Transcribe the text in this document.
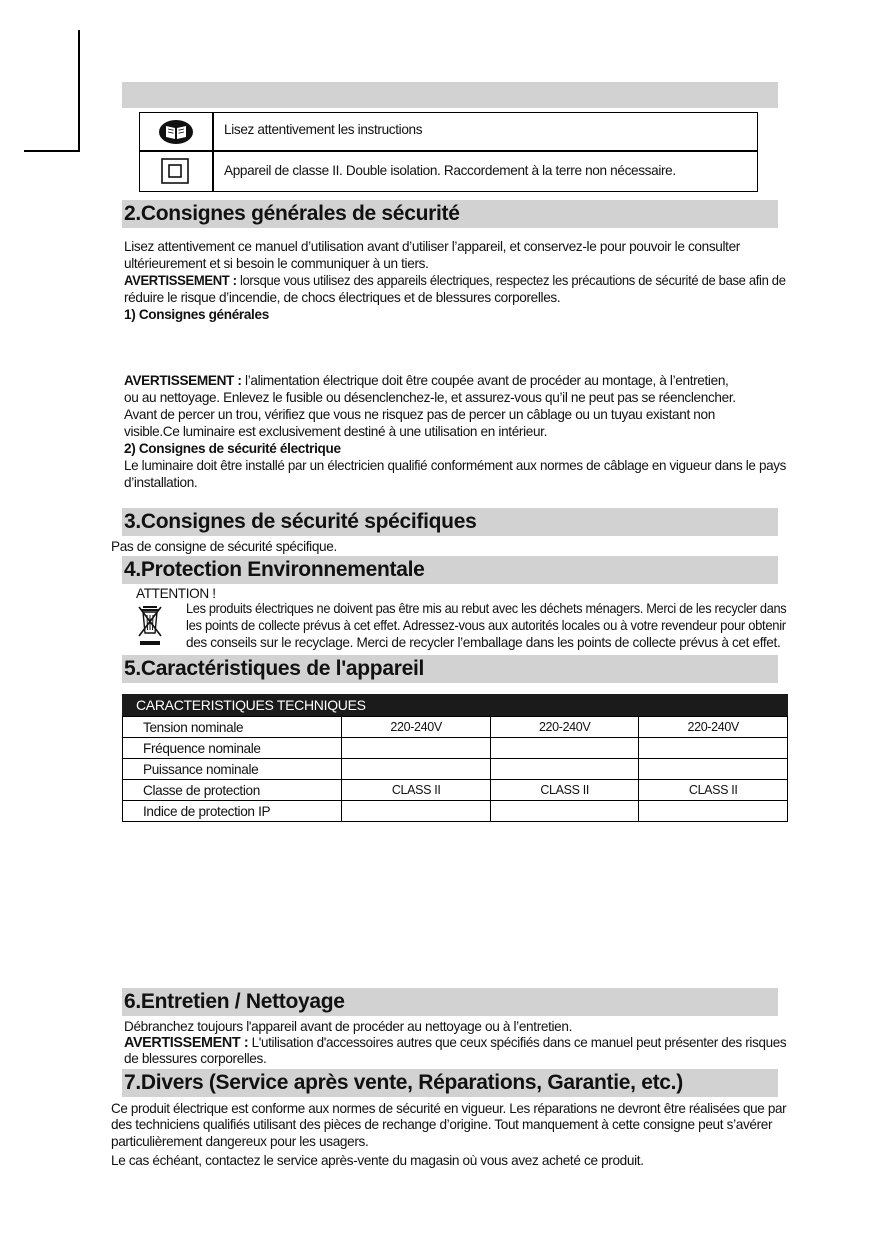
Lisez attentivement les instructions
Appareil de classe II. Double isolation. Raccordement à la terre non nécessaire.
2.Consignes générales de sécurité
Lisez attentivement ce manuel d’utilisation avant d’utiliser l’appareil, et conservez-le pour pouvoir le consulter
ultérieurement et si besoin le communiquer à un tiers.
AVERTISSEMENT : lorsque vous utilisez des appareils électriques, respectez les précautions de sécurité de base afin de
réduire le risque d’incendie, de chocs électriques et de blessures corporelles.
1) Consignes générales
AVERTISSEMENT : l’alimentation électrique doit être coupée avant de procéder au montage, à l’entretien,
ou au nettoyage. Enlevez le fusible ou désenclenchez-le, et assurez-vous qu’il ne peut pas se réenclencher.
Avant de percer un trou, vérifiez que vous ne risquez pas de percer un câblage ou un tuyau existant non
visible.Ce luminaire est exclusivement destiné à une utilisation en intérieur.
2) Consignes de sécurité électrique
Le luminaire doit être installé par un électricien qualifié conformément aux normes de câblage en vigueur dans le pays
d’installation.
3.Consignes de sécurité spécifiques
Pas de consigne de sécurité spécifique.
4.Protection Environnementale
ATTENTION !
Les produits électriques ne doivent pas être mis au rebut avec les déchets ménagers. Merci de les recycler dans
les points de collecte prévus à cet effet. Adressez-vous aux autorités locales ou à votre revendeur pour obtenir
des conseils sur le recyclage. Merci de recycler l’emballage dans les points de collecte prévus à cet effet.
5.Caractéristiques de l'appareil
CARACTERISTIQUES TECHNIQUES
Tension nominale	220-240V	220-240V	220-240V
Fréquence nominale			
Puissance nominale			
Classe de protection	CLASS II	CLASS II	CLASS II
Indice de protection IP			
6.Entretien / Nettoyage
Débranchez toujours l'appareil avant de procéder au nettoyage ou à l’entretien.
AVERTISSEMENT : L'utilisation d'accessoires autres que ceux spécifiés dans ce manuel peut présenter des risques
de blessures corporelles.
7.Divers (Service après vente, Réparations, Garantie, etc.)
Ce produit électrique est conforme aux normes de sécurité en vigueur. Les réparations ne devront être réalisées que par
des techniciens qualifiés utilisant des pièces de rechange d’origine. Tout manquement à cette consigne peut s’avérer
particulièrement dangereux pour les usagers.
Le cas échéant, contactez le service après-vente du magasin où vous avez acheté ce produit.
